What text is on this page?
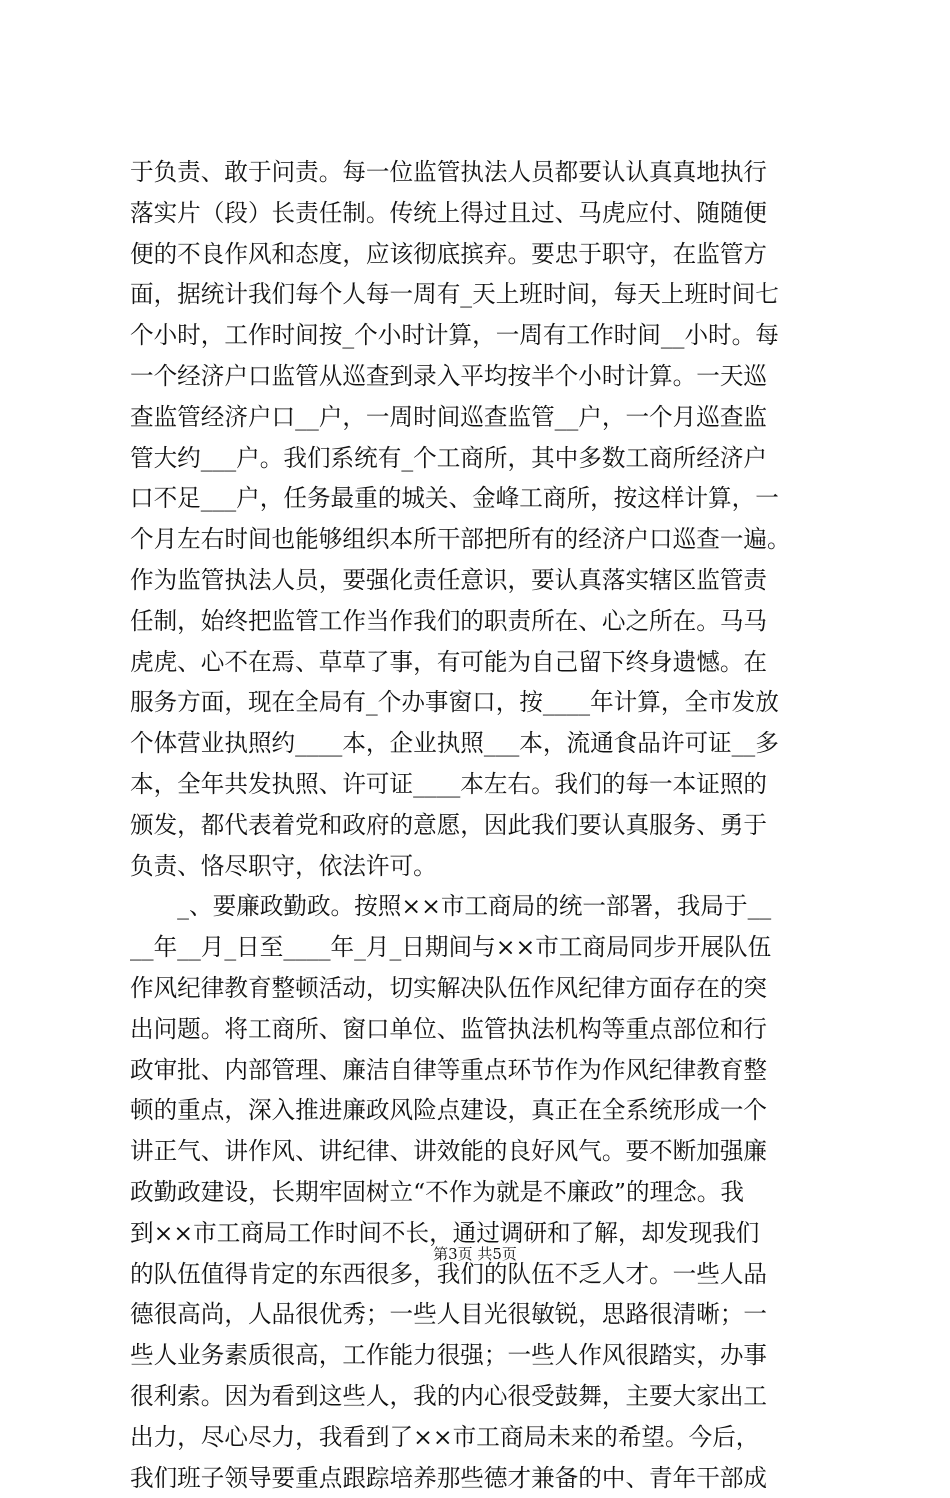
于负责、敢于问责。每一位监管执法人员都要认认真真地执行
落实片（段）长责任制。传统上得过且过、马虎应付、随随便
便的不良作风和态度，应该彻底摈弃。要忠于职守，在监管方
面，据统计我们每个人每一周有_天上班时间，每天上班时间七
个小时，工作时间按_个小时计算，一周有工作时间__小时。每
一个经济户口监管从巡查到录入平均按半个小时计算。一天巡
查监管经济户口__户，一周时间巡查监管__户，一个月巡查监
管大约___户。我们系统有_个工商所，其中多数工商所经济户
口不足___户，任务最重的城关、金峰工商所，按这样计算，一
个月左右时间也能够组织本所干部把所有的经济户口巡查一遍。
作为监管执法人员，要强化责任意识，要认真落实辖区监管责
任制，始终把监管工作当作我们的职责所在、心之所在。马马
虎虎、心不在焉、草草了事，有可能为自己留下终身遗憾。在
服务方面，现在全局有_个办事窗口，按____年计算，全市发放
个体营业执照约____本，企业执照___本，流通食品许可证__多
本，全年共发执照、许可证____本左右。我们的每一本证照的
颁发，都代表着党和政府的意愿，因此我们要认真服务、勇于
负责、恪尽职守，依法许可。
　　_、要廉政勤政。按照××市工商局的统一部署，我局于__
__年__月_日至____年_月_日期间与××市工商局同步开展队伍
作风纪律教育整顿活动，切实解决队伍作风纪律方面存在的突
出问题。将工商所、窗口单位、监管执法机构等重点部位和行
政审批、内部管理、廉洁自律等重点环节作为作风纪律教育整
顿的重点，深入推进廉政风险点建设，真正在全系统形成一个
讲正气、讲作风、讲纪律、讲效能的良好风气。要不断加强廉
政勤政建设，长期牢固树立“不作为就是不廉政”的理念。我
到××市工商局工作时间不长，通过调研和了解，却发现我们
的队伍值得肯定的东西很多，我们的队伍不乏人才。一些人品
德很高尚，人品很优秀；一些人目光很敏锐，思路很清晰；一
些人业务素质很高，工作能力很强；一些人作风很踏实，办事
很利索。因为看到这些人，我的内心很受鼓舞，主要大家出工
出力，尽心尽力，我看到了××市工商局未来的希望。今后，
我们班子领导要重点跟踪培养那些德才兼备的中、青年干部成
第3页 共5页
